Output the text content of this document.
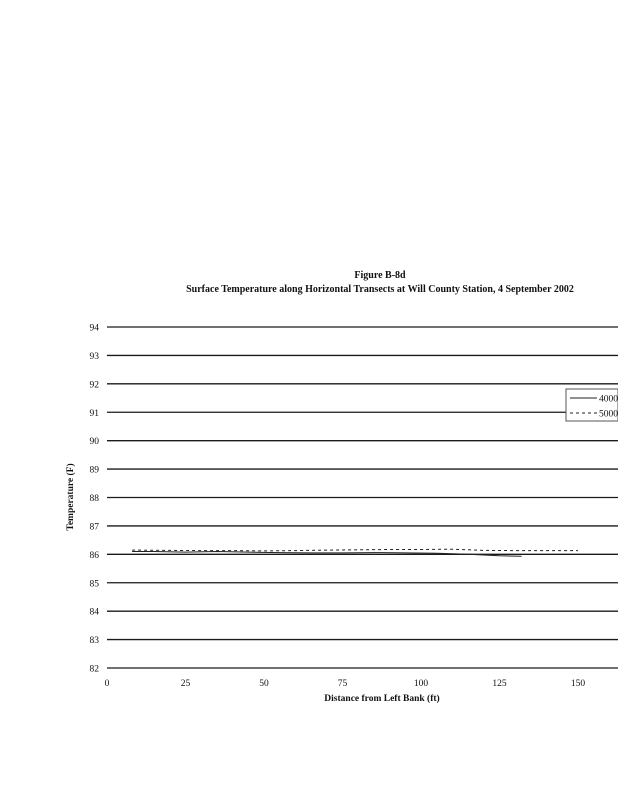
Figure B-8d
Surface Temperature along Horizontal Transects at Will County Station, 4 September 2002
82
83
84
85
86
87
88
89
90
91
92
93
94
0	25	50	75	100	125	150
4000
5000
Temperature (F)
Distance from Left Bank (ft)
